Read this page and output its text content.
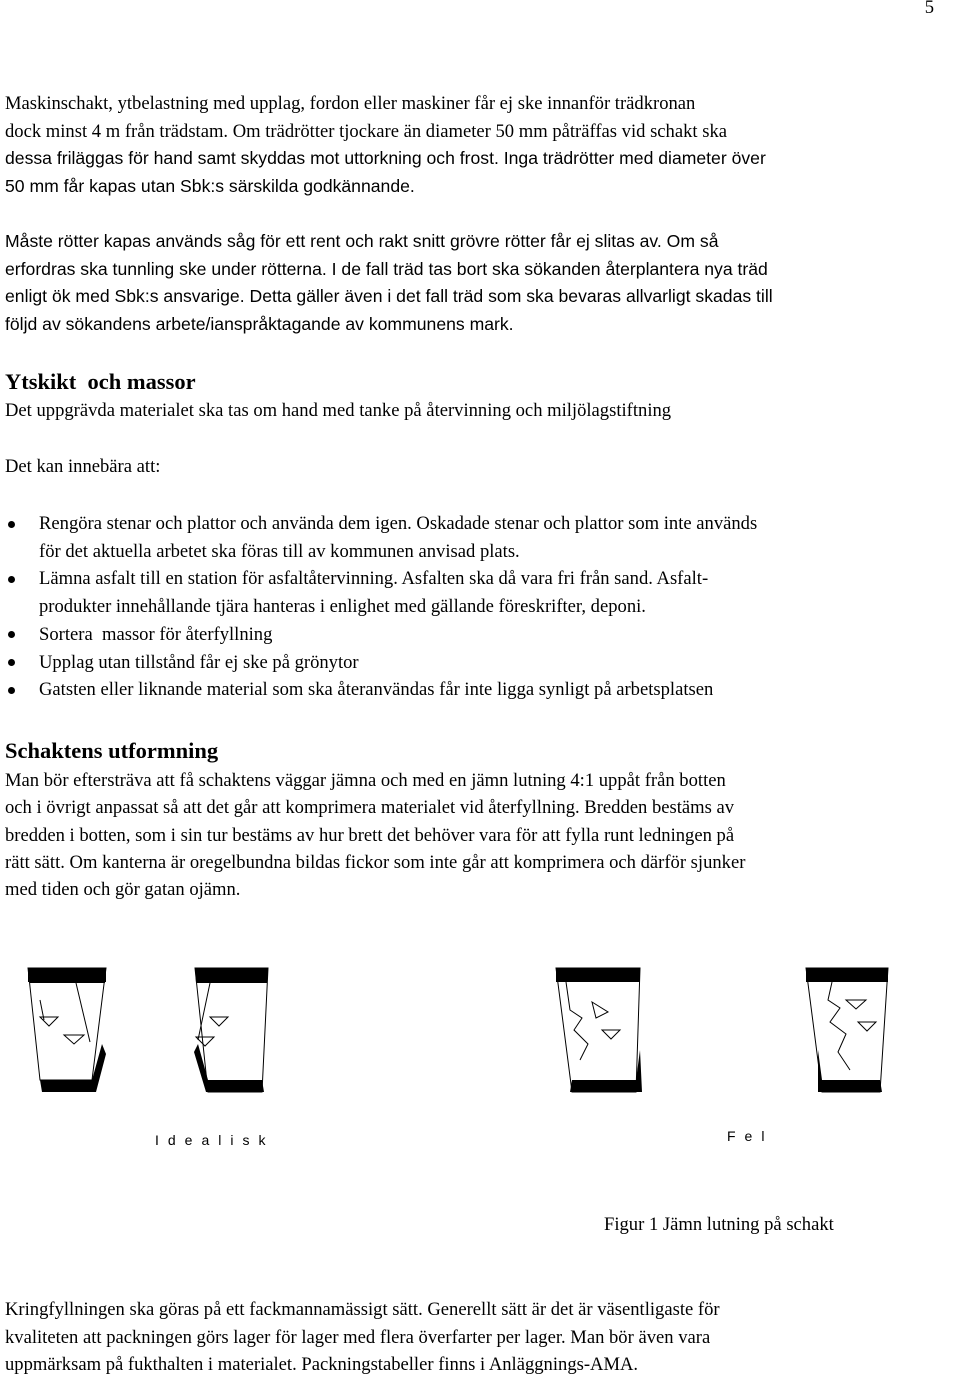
5
Maskinschakt, ytbelastning med upplag, fordon eller maskiner får ej ske innanför trädkronan
dock minst 4 m från trädstam. Om trädrötter tjockare än diameter 50 mm påträffas vid schakt ska
dessa friläggas för hand samt skyddas mot uttorkning och frost. Inga trädrötter med diameter över
50 mm får kapas utan Sbk:s särskilda godkännande.
Måste rötter kapas används såg för ett rent och rakt snitt grövre rötter får ej slitas av. Om så
erfordras ska tunnling ske under rötterna. I de fall träd tas bort ska sökanden återplantera nya träd
enligt ök med Sbk:s ansvarige. Detta gäller även i det fall träd som ska bevaras allvarligt skadas till
följd av sökandens arbete/ianspråktagande av kommunens mark.
Ytskikt  och massor
Det uppgrävda materialet ska tas om hand med tanke på återvinning och miljölagstiftning
Det kan innebära att:
Rengöra stenar och plattor och använda dem igen. Oskadade stenar och plattor som inte används
för det aktuella arbetet ska föras till av kommunen anvisad plats.
Lämna asfalt till en station för asfaltåtervinning. Asfalten ska då vara fri från sand. Asfalt-
produkter innehållande tjära hanteras i enlighet med gällande föreskrifter, deponi.
Sortera  massor för återfyllning
Upplag utan tillstånd får ej ske på grönytor
Gatsten eller liknande material som ska återanvändas får inte ligga synligt på arbetsplatsen
Schaktens utformning
Man bör eftersträva att få schaktens väggar jämna och med en jämn lutning 4:1 uppåt från botten
och i övrigt anpassat så att det går att komprimera materialet vid återfyllning. Bredden bestäms av
bredden i botten, som i sin tur bestäms av hur brett det behöver vara för att fylla runt ledningen på
rätt sätt. Om kanterna är oregelbundna bildas fickor som inte går att komprimera och därför sjunker
med tiden och gör gatan ojämn.
Idealisk	Fel
Figur 1 Jämn lutning på schakt
Kringfyllningen ska göras på ett fackmannamässigt sätt. Generellt sätt är det är väsentligaste för
kvaliteten att packningen görs lager för lager med flera överfarter per lager. Man bör även vara
uppmärksam på fukthalten i materialet. Packningstabeller finns i Anläggnings-AMA.
